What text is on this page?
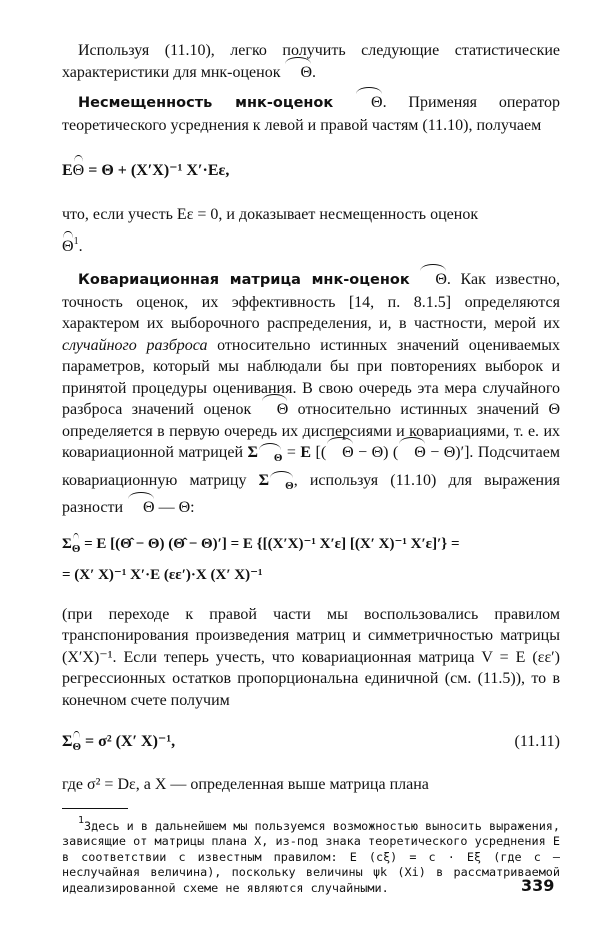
Используя (11.10), легко получить следующие статистические характеристики для мнк-оценок Θ.

Несмещенность мнк-оценок Θ. Применяя оператор теоретического усреднения к левой и правой частям (11.10), получаем

EΘ = Θ + (X′X)⁻¹ X′·Eε,

что, если учесть Eε = 0, и доказывает несмещенность оценок

$\Theta^1$.

Ковариационная матрица мнк-оценок Θ. Как известно, точность оценок, их эффективность [14, п. 8.1.5] определяются характером их выборочного распределения, и, в частности, мерой их случайного разброса относительно истинных значений оцениваемых параметров, который мы наблюдали бы при повторениях выборок и принятой процедуры оценивания. В свою очередь эта мера случайного разброса значений оценок Θ относительно истинных значений Θ определяется в первую очередь их дисперсиями и ковариациями, т. е. их ковариационной матрицей Σ $_\Theta$ = E [( Θ − Θ) ( Θ − Θ)′]. Подсчитаем ковариационную матрицу Σ $_\Theta$, используя (11.10) для выражения разности Θ — Θ:

$\Sigma_\Theta = E$ [(Θ̂ − Θ) (Θ̂ − Θ)′] = E {[(X′X)⁻¹ X′ε] [(X′ X)⁻¹ X′ε]′} =
= (X′ X)⁻¹ X′·E (εε′)·X (X′ X)⁻¹

(при переходе к правой части мы воспользовались правилом транспонирования произведения матриц и симметричностью матрицы (X′X)⁻¹. Если теперь учесть, что ковариационная матрица V = E (εε′) регрессионных остатков пропорциональна единичной (см. (11.5)), то в конечном счете получим

$\Sigma_\Theta = \sigma^2$ (X′ X)⁻¹,	(11.11)

где σ² = Dε, а X — определенная выше матрица плана

$^1$Здесь и в дальнейшем мы пользуемся возможностью выносить выражения, зависящие от матрицы плана X, из-под знака теоретического усреднения E в соответствии с известным правилом: E (cξ) = c · Eξ (где c — неслучайная величина), поскольку величины ψk (Xi) в рассматриваемой идеализированной схеме не являются случайными.	339
